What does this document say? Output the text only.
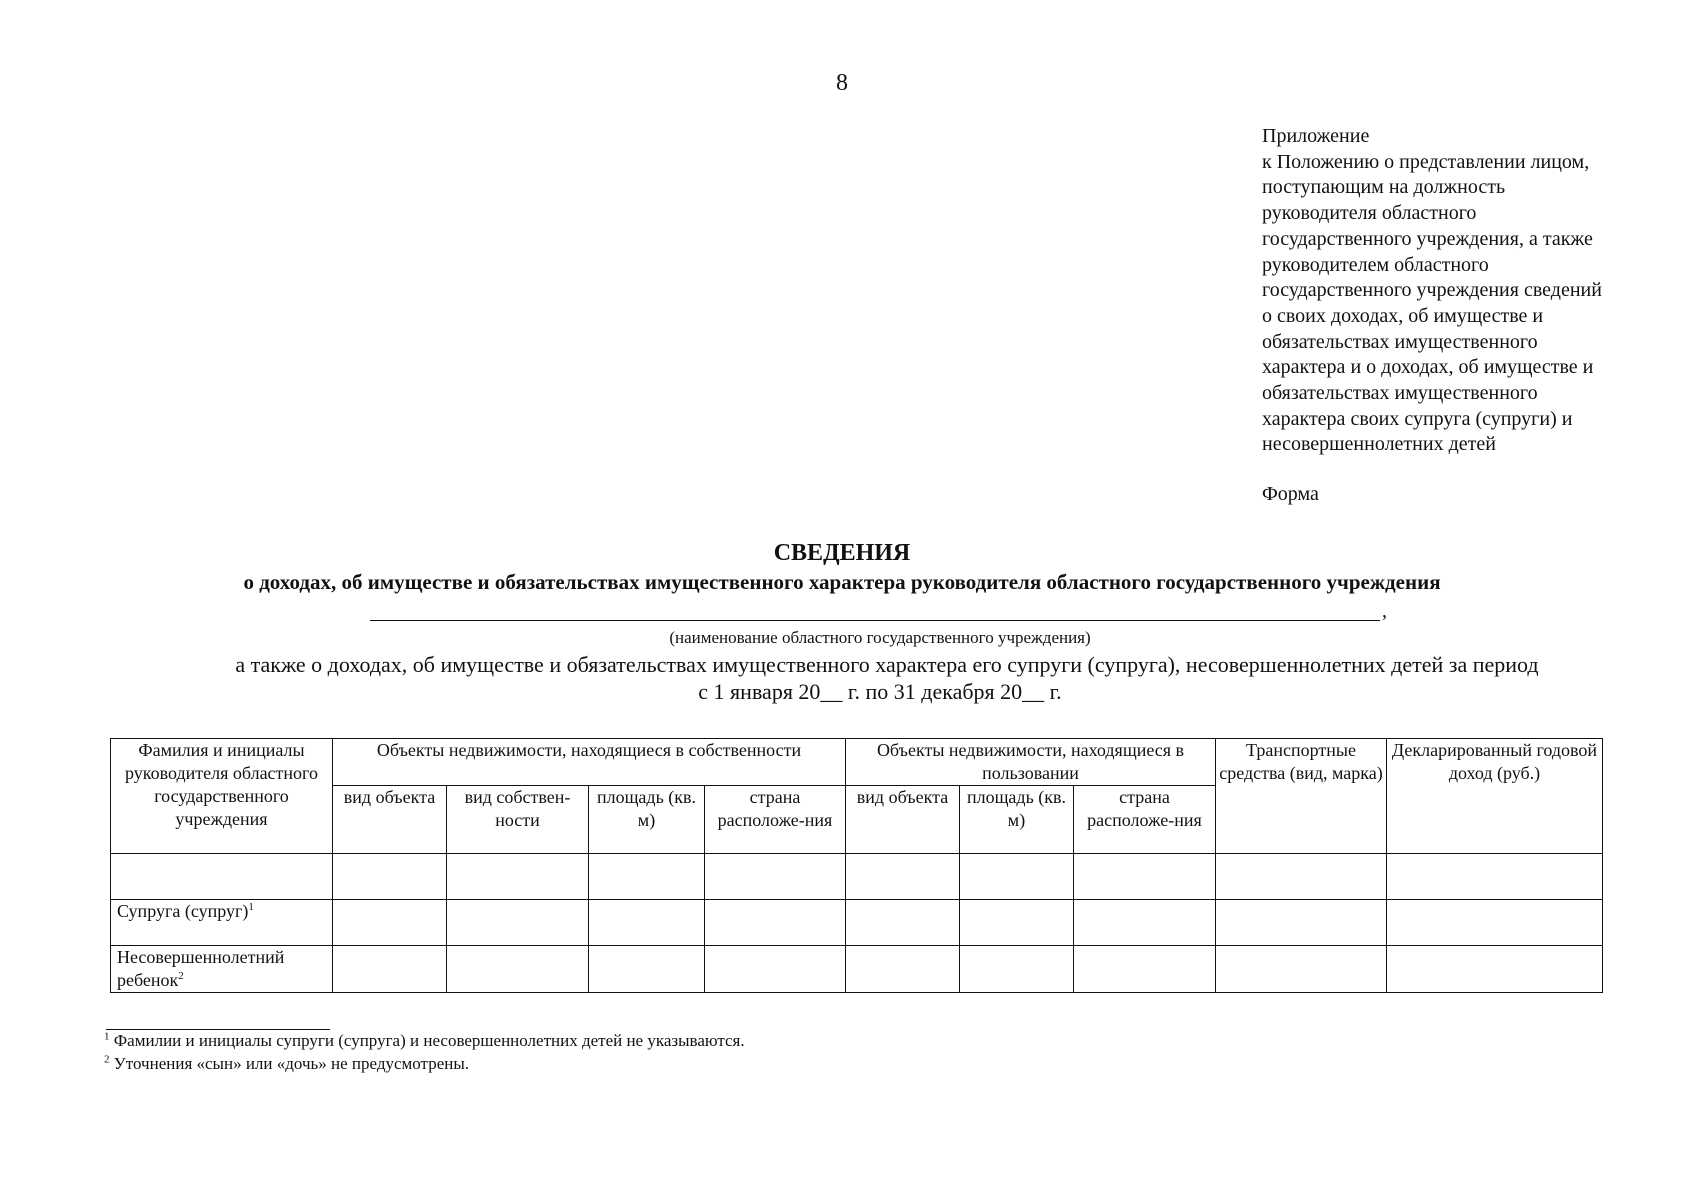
8
Приложение
к Положению о представлении лицом,
поступающим на должность
руководителя областного
государственного учреждения, а также
руководителем областного
государственного учреждения сведений
о своих доходах, об имуществе и
обязательствах имущественного
характера и о доходах, об имуществе и
обязательствах имущественного
характера своих супруга (супруги) и
несовершеннолетних детей
Форма
СВЕДЕНИЯ
о доходах, об имуществе и обязательствах имущественного характера руководителя областного государственного учреждения
,
(наименование областного государственного учреждения)
а также о доходах, об имуществе и обязательствах имущественного характера его супруги (супруга), несовершеннолетних детей за период
с 1 января 20__ г. по 31 декабря 20__ г.
Фамилия и инициалы руководителя областного государственного учреждения	Объекты недвижимости, находящиеся в собственности				Объекты недвижимости, находящиеся в пользовании			Транспортные средства (вид, марка)	Декларированный годовой доход (руб.)
	вид объекта	вид собствен-ности	площадь (кв. м)	страна расположе-ния	вид объекта	площадь (кв. м)	страна расположе-ния		

Супруга (супруг)$^1$									
Несовершеннолетний ребенок$^2$									
$^1$ Фамилии и инициалы супруги (супруга) и несовершеннолетних детей не указываются.
$^2$ Уточнения «сын» или «дочь» не предусмотрены.
